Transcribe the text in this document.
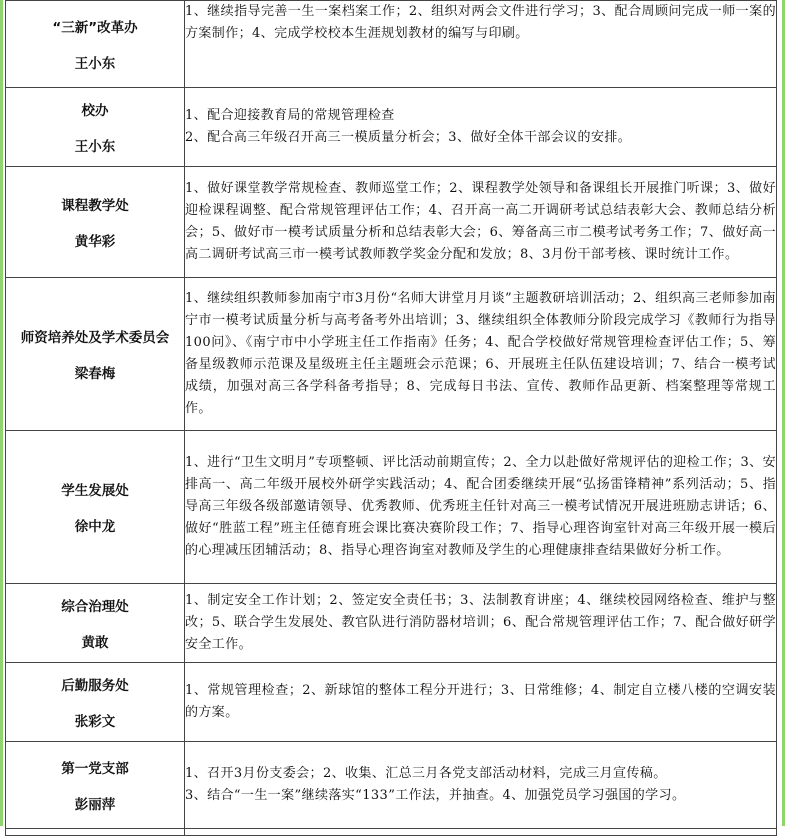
“三新”改革办
王小东	1、继续指导完善一生一案档案工作；2、组织对两会文件进行学习；3、配合周顾问完成一师一案的方案制作；4、完成学校校本生涯规划教材的编写与印刷。

校办
王小东	1、配合迎接教育局的常规管理检查
2、配合高三年级召开高三一模质量分析会；3、做好全体干部会议的安排。

课程教学处
黄华彩	1、做好课堂教学常规检查、教师巡堂工作；2、课程教学处领导和备课组长开展推门听课；3、做好迎检课程调整、配合常规管理评估工作；4、召开高一高二开调研考试总结表彰大会、教师总结分析会；5、做好市一模考试质量分析和总结表彰大会；6、筹备高三市二模考试考务工作；7、做好高一高二调研考试高三市一模考试教师教学奖金分配和发放；8、3月份干部考核、课时统计工作。

师资培养处及学术委员会
梁春梅	1、继续组织教师参加南宁市3月份“名师大讲堂月月谈”主题教研培训活动；2、组织高三老师参加南宁市一模考试质量分析与高考备考外出培训；3、继续组织全体教师分阶段完成学习《教师行为指导100问》、《南宁市中小学班主任工作指南》任务；4、配合学校做好常规管理检查评估工作；5、筹备星级教师示范课及星级班主任主题班会示范课；6、开展班主任队伍建设培训；7、结合一模考试成绩，加强对高三各学科备考指导；8、完成每日书法、宣传、教师作品更新、档案整理等常规工作。

学生发展处
徐中龙	1、进行“卫生文明月”专项整顿、评比活动前期宣传；2、全力以赴做好常规评估的迎检工作；3、安排高一、高二年级开展校外研学实践活动；4、配合团委继续开展“弘扬雷锋精神”系列活动；5、指导高三年级各级部邀请领导、优秀教师、优秀班主任针对高三一模考试情况开展进班励志讲话；6、做好“胜蓝工程”班主任德育班会课比赛决赛阶段工作；7、指导心理咨询室针对高三年级开展一模后的心理减压团辅活动；8、指导心理咨询室对教师及学生的心理健康排查结果做好分析工作。

综合治理处
黄敢	1、制定安全工作计划；2、签定安全责任书；3、法制教育讲座；4、继续校园网络检查、维护与整改；5、联合学生发展处、教官队进行消防器材培训；6、配合常规管理评估工作；7、配合做好研学安全工作。

后勤服务处
张彩文	1、常规管理检查；2、新球馆的整体工程分开进行；3、日常维修；4、制定自立楼八楼的空调安装的方案。

第一党支部
彭丽萍	1、召开3月份支委会；2、收集、汇总三月各党支部活动材料，完成三月宣传稿。
3、结合“一生一案”继续落实“133”工作法，并抽查。4、加强党员学习强国的学习。
